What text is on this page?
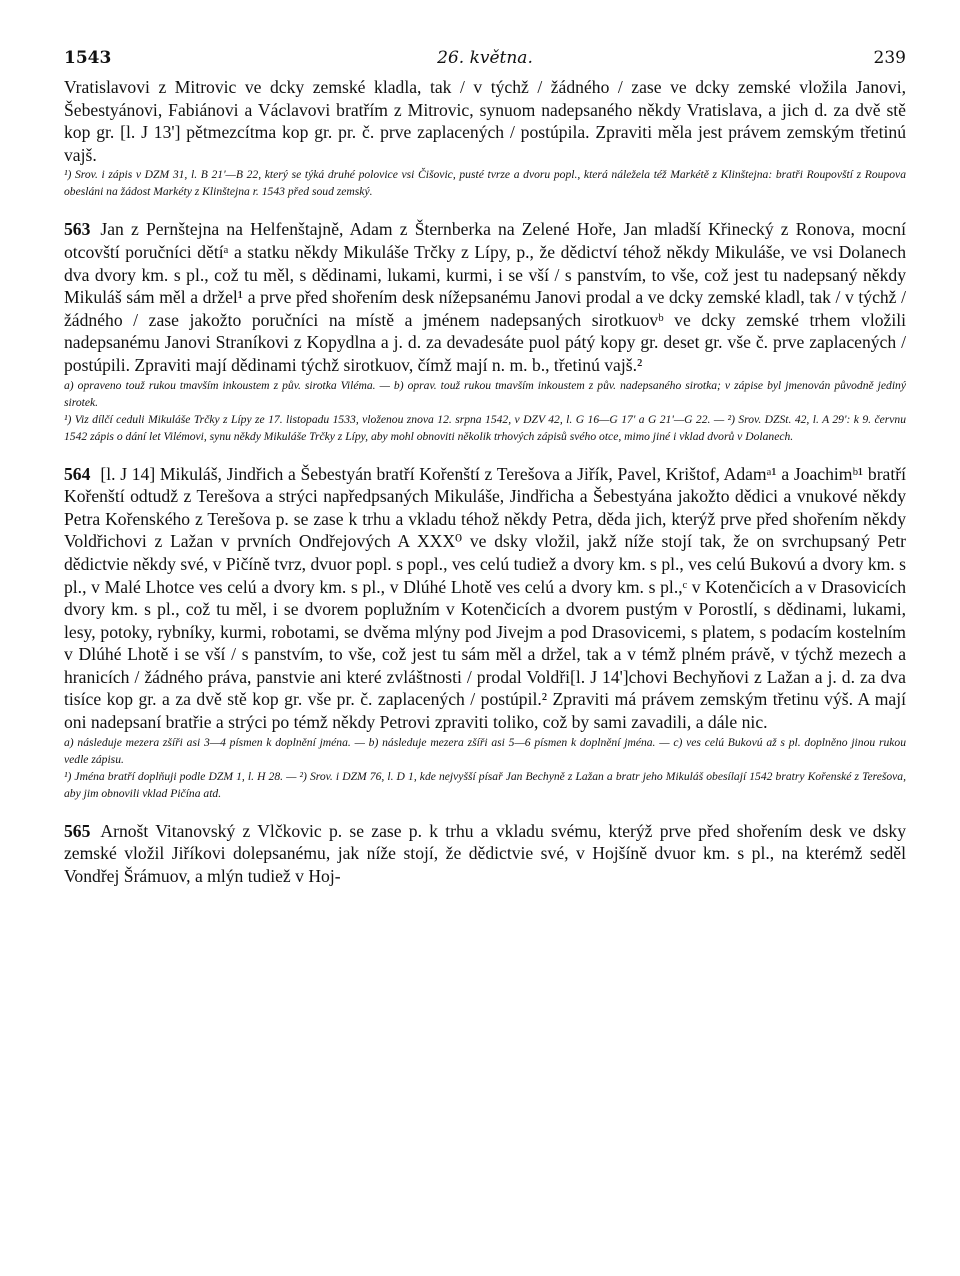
1543	26. května.	239

Vratislavovi z Mitrovic ve dcky zemské kladla, tak / v týchž / žádného / zase ve dcky zemské vložila Janovi, Šebestyánovi, Fabiánovi a Václavovi bratřím z Mitrovic, synuom nadepsaného někdy Vratislava, a jich d. za dvě stě kop gr. [l. J 13'] pětmezcítma kop gr. pr. č. prve zaplacených / postúpila. Zpraviti měla jest právem zemským třetinú vajš.

¹) Srov. i zápis v DZM 31, l. B 21'—B 22, který se týká druhé polovice vsi Čišovic, pusté tvrze a dvoru popl., která náležela též Markétě z Klinštejna: bratři Roupovští z Roupova obesláni na žádost Markéty z Klinštejna r. 1543 před soud zemský.

563 Jan z Pernštejna na Helfenštajně, Adam z Šternberka na Zelené Hoře, Jan mladší Křinecký z Ronova, mocní otcovští poručníci dětíᵃ a statku někdy Mikuláše Trčky z Lípy, p., že dědictví téhož někdy Mikuláše, ve vsi Dolanech dva dvory km. s pl., což tu měl, s dědinami, lukami, kurmi, i se vší / s panstvím, to vše, což jest tu nadepsaný někdy Mikuláš sám měl a držel¹ a prve před shořením desk nížepsanému Janovi prodal a ve dcky zemské kladl, tak / v týchž / žádného / zase jakožto poručníci na místě a jménem nadepsaných sirotkuovᵇ ve dcky zemské trhem vložili nadepsanému Janovi Straníkovi z Kopydlna a j. d. za devadesáte puol pátý kopy gr. deset gr. vše č. prve zaplacených / postúpili. Zpraviti mají dědinami týchž sirotkuov, čímž mají n. m. b., třetinú vajš.²

a) opraveno touž rukou tmavším inkoustem z pův. sirotka Viléma. — b) oprav. touž rukou tmavším inkoustem z pův. nadepsaného sirotka; v zápise byl jmenován původně jediný sirotek.

¹) Viz dílčí ceduli Mikuláše Trčky z Lípy ze 17. listopadu 1533, vloženou znova 12. srpna 1542, v DZV 42, l. G 16—G 17' a G 21'—G 22. — ²) Srov. DZSt. 42, l. A 29': k 9. červnu 1542 zápis o dání let Vilémovi, synu někdy Mikuláše Trčky z Lípy, aby mohl obnoviti několik trhových zápisů svého otce, mimo jiné i vklad dvorů v Dolanech.

564 [l. J 14] Mikuláš, Jindřich a Šebestyán bratří Kořenští z Terešova a Jiřík, Pavel, Krištof, Adamᵃ¹ a Joachimᵇ¹ bratří Kořenští odtudž z Terešova a strýci napředpsaných Mikuláše, Jindřicha a Šebestyána jakožto dědici a vnukové někdy Petra Kořenského z Terešova p. se zase k trhu a vkladu téhož někdy Petra, děda jich, kterýž prve před shořením někdy Voldřichovi z Lažan v prvních Ondřejových A XXX⁰ ve dsky vložil, jakž níže stojí tak, že on svrchupsaný Petr dědictvie někdy své, v Pičíně tvrz, dvuor popl. s popl., ves celú tudiež a dvory km. s pl., ves celú Bukovú a dvory km. s pl., v Malé Lhotce ves celú a dvory km. s pl., v Dlúhé Lhotě ves celú a dvory km. s pl.,ᶜ v Kotenčicích a v Drasovicích dvory km. s pl., což tu měl, i se dvorem poplužním v Kotenčicích a dvorem pustým v Porostlí, s dědinami, lukami, lesy, potoky, rybníky, kurmi, robotami, se dvěma mlýny pod Jivejm a pod Drasovicemi, s platem, s podacím kostelním v Dlúhé Lhotě i se vší / s panstvím, to vše, což jest tu sám měl a držel, tak a v témž plném právě, v týchž mezech a hranicích / žádného práva, panstvie ani které zvláštnosti / prodal Voldři[l. J 14']chovi Bechyňovi z Lažan a j. d. za dva tisíce kop gr. a za dvě stě kop gr. vše pr. č. zaplacených / postúpil.² Zpraviti má právem zemským třetinu výš. A mají oni nadepsaní bratřie a strýci po témž někdy Petrovi zpraviti toliko, což by sami zavadili, a dále nic.

a) následuje mezera zšíři asi 3—4 písmen k doplnění jména. — b) následuje mezera zšíři asi 5—6 písmen k doplnění jména. — c) ves celú Bukovú až s pl. doplněno jinou rukou vedle zápisu.

¹) Jména bratří doplňuji podle DZM 1, l. H 28. — ²) Srov. i DZM 76, l. D 1, kde nejvyšší písař Jan Bechyně z Lažan a bratr jeho Mikuláš obesílají 1542 bratry Kořenské z Terešova, aby jim obnovili vklad Pičína atd.

565 Arnošt Vitanovský z Vlčkovic p. se zase p. k trhu a vkladu svému, kterýž prve před shořením desk ve dsky zemské vložil Jiříkovi dolepsanému, jak níže stojí, že dědictvie své, v Hojšíně dvuor km. s pl., na kterémž seděl Vondřej Šrámuov, a mlýn tudiež v Hoj-
